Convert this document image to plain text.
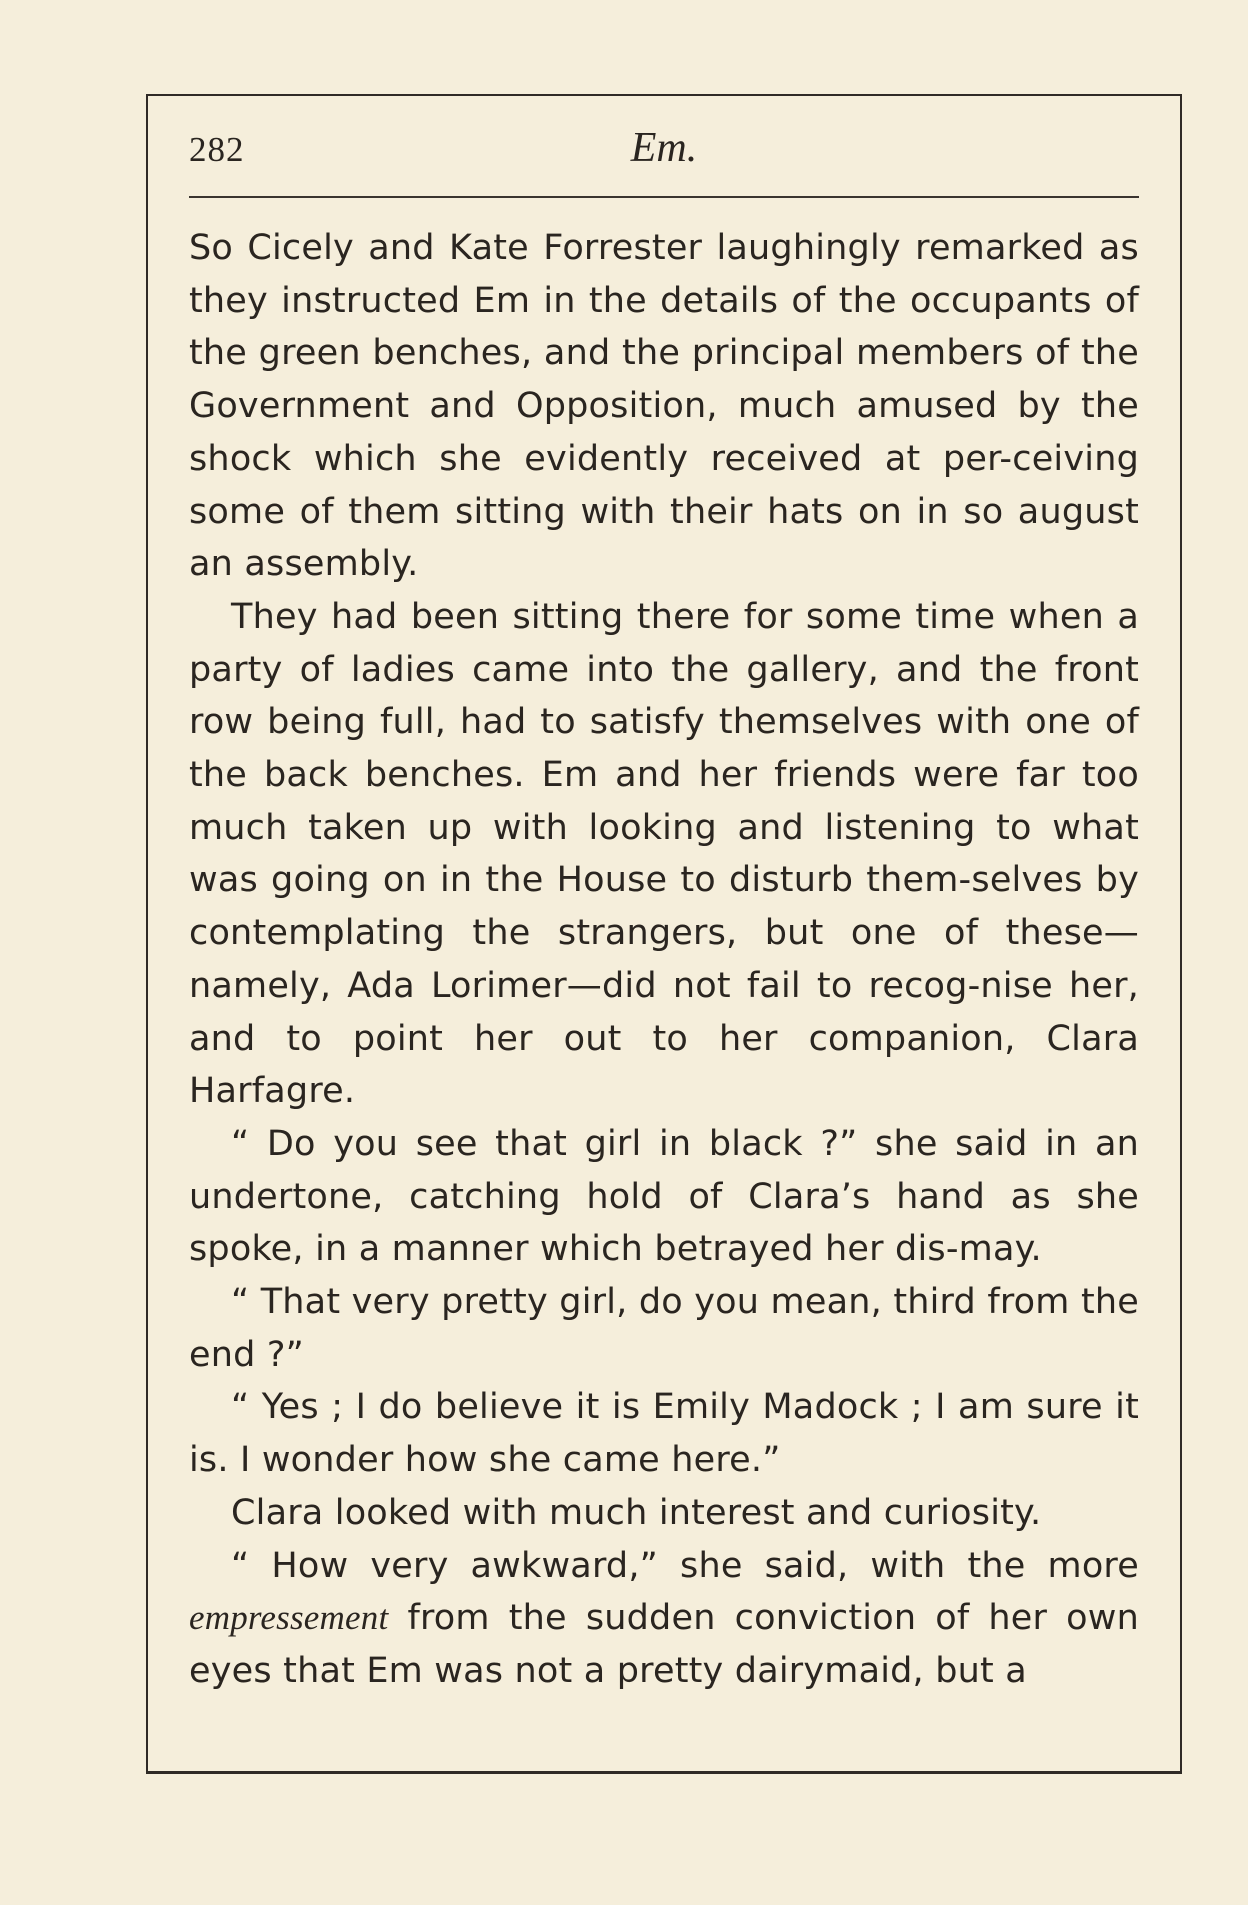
282	Em.

So Cicely and Kate Forrester laughingly remarked as they instructed Em in the details of the occupants of the green benches, and the principal members of the Government and Opposition, much amused by the shock which she evidently received at per-ceiving some of them sitting with their hats on in so august an assembly.

They had been sitting there for some time when a party of ladies came into the gallery, and the front row being full, had to satisfy themselves with one of the back benches. Em and her friends were far too much taken up with looking and listening to what was going on in the House to disturb them-selves by contemplating the strangers, but one of these—namely, Ada Lorimer—did not fail to recog-nise her, and to point her out to her companion, Clara Harfagre.

“ Do you see that girl in black ?” she said in an undertone, catching hold of Clara’s hand as she spoke, in a manner which betrayed her dis-may.

“ That very pretty girl, do you mean, third from the end ?”

“ Yes ; I do believe it is Emily Madock ; I am sure it is. I wonder how she came here.”

Clara looked with much interest and curiosity.

“ How very awkward,” she said, with the more empressement from the sudden conviction of her own eyes that Em was not a pretty dairymaid, but a
